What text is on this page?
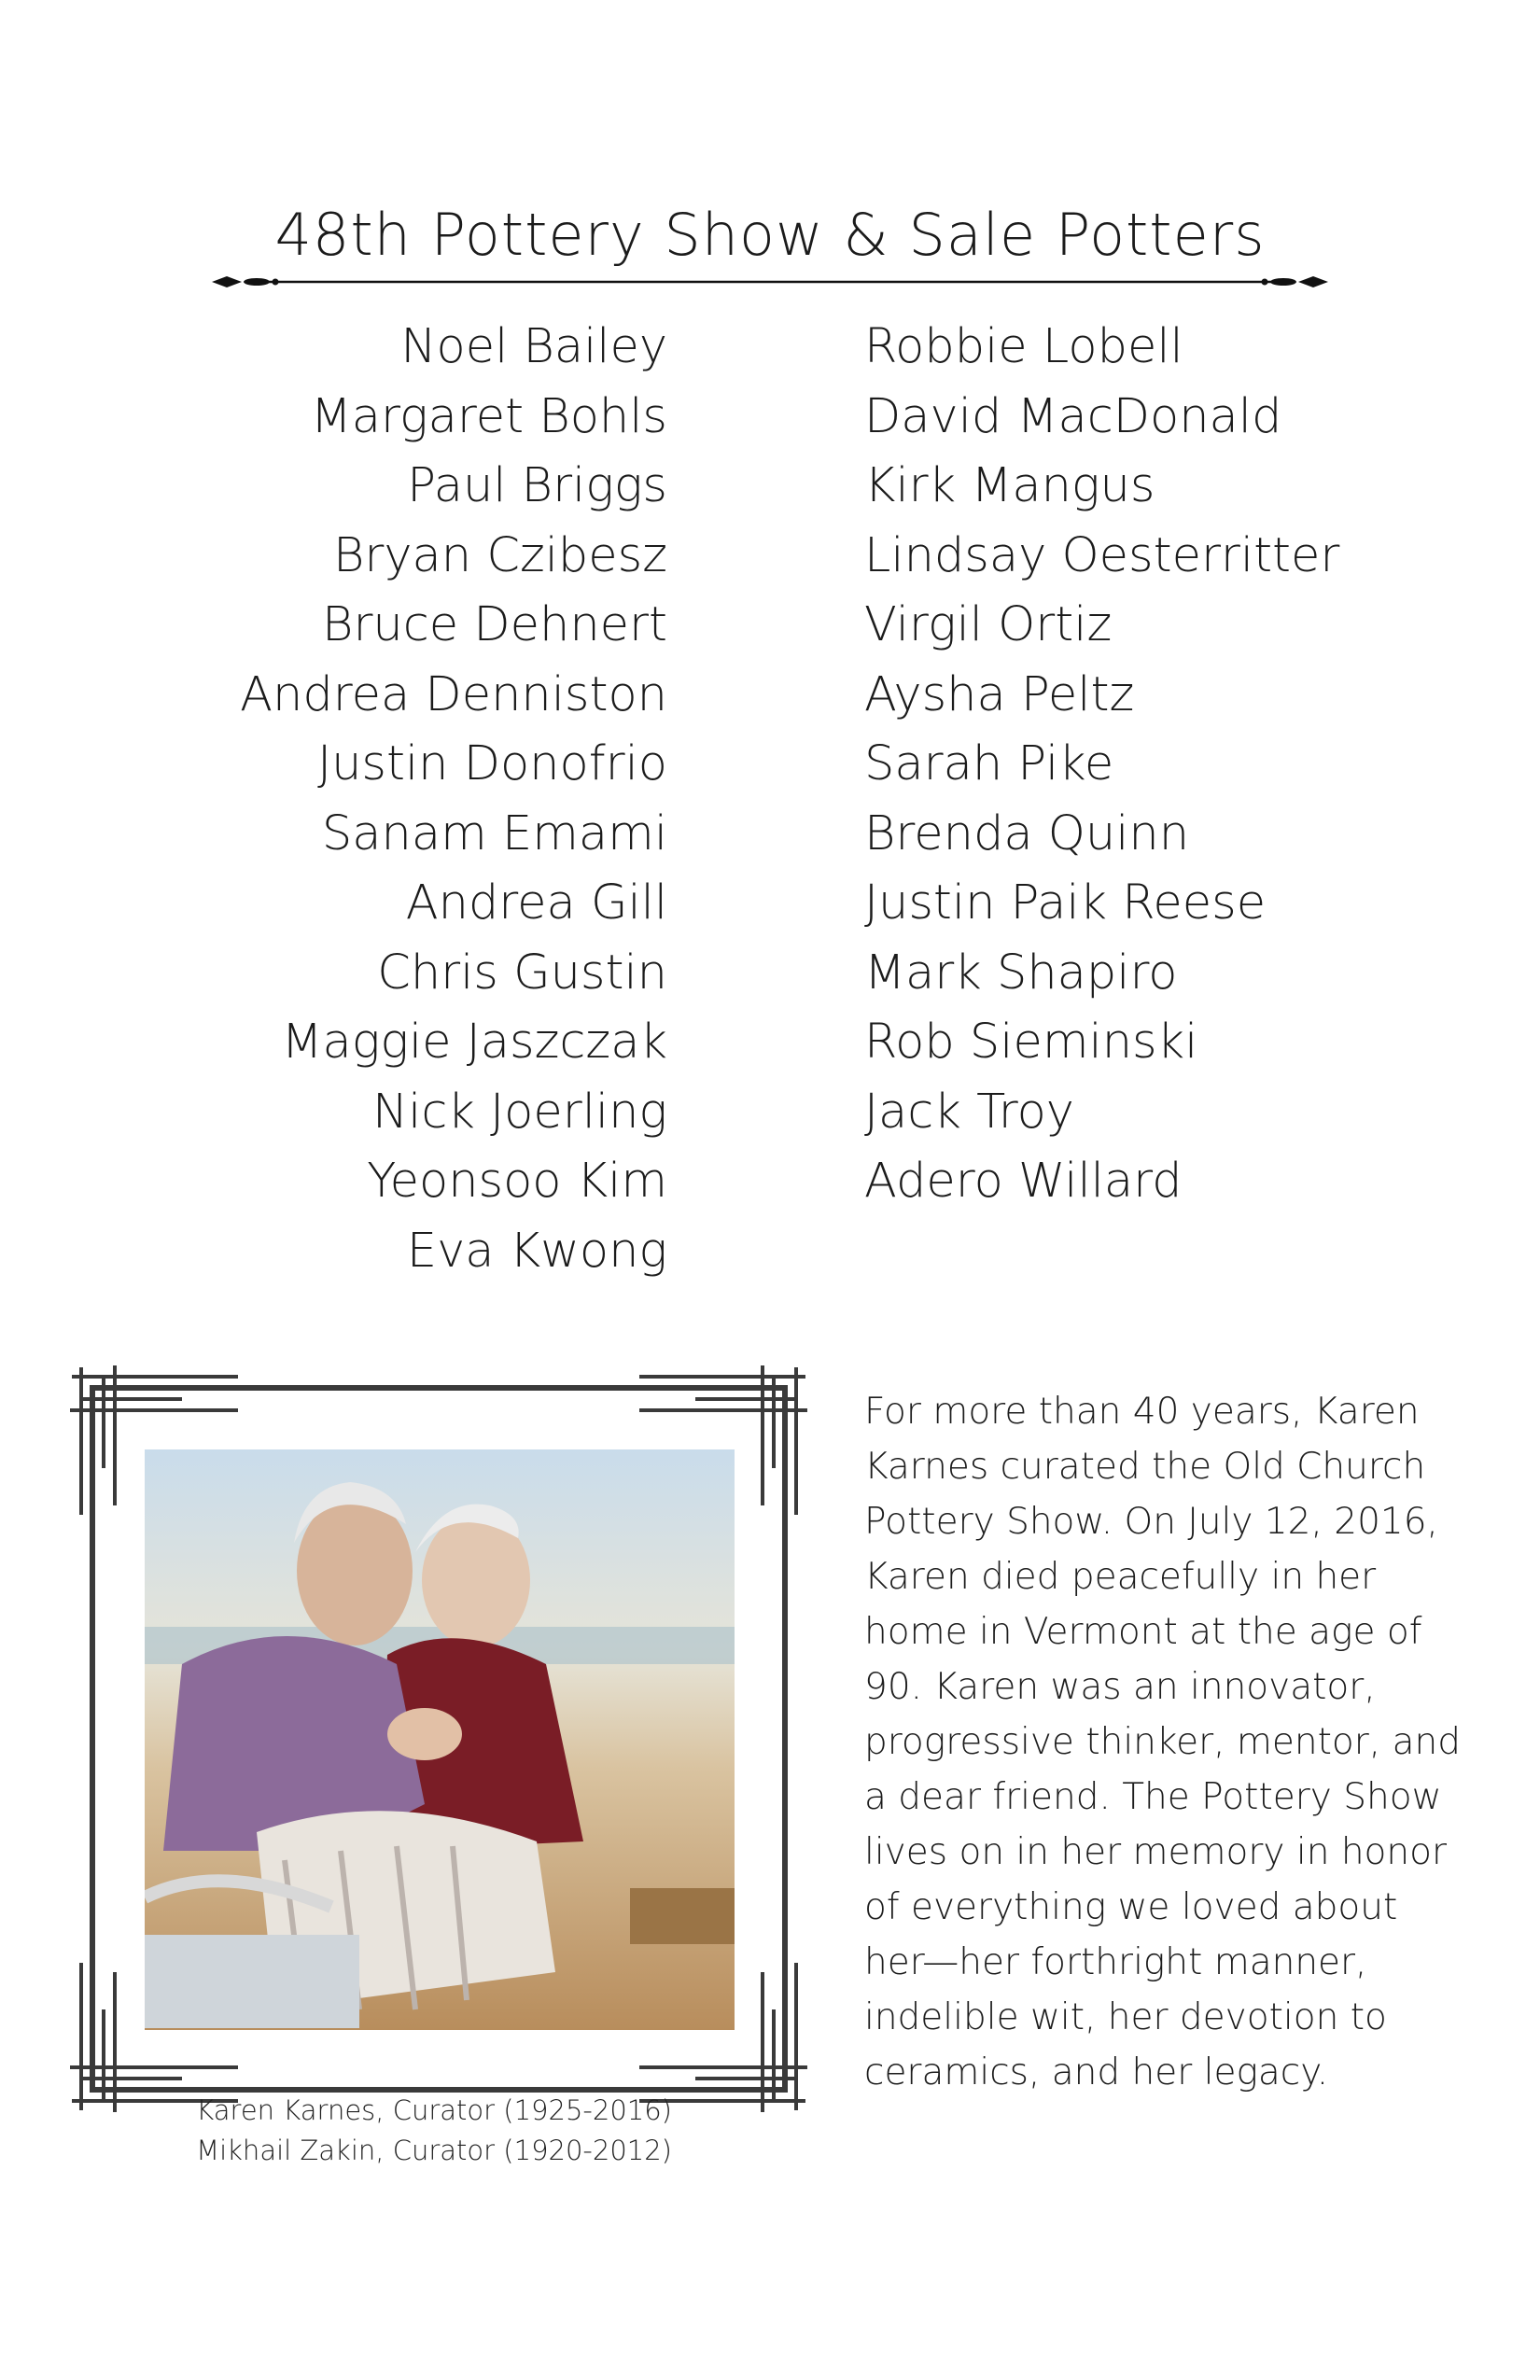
48th Pottery Show & Sale Potters
Noel Bailey
Margaret Bohls
Paul Briggs
Bryan Czibesz
Bruce Dehnert
Andrea Denniston
Justin Donofrio
Sanam Emami
Andrea Gill
Chris Gustin
Maggie Jaszczak
Nick Joerling
Yeonsoo Kim
Eva Kwong
Robbie Lobell
David MacDonald
Kirk Mangus
Lindsay Oesterritter
Virgil Ortiz
Aysha Peltz
Sarah Pike
Brenda Quinn
Justin Paik Reese
Mark Shapiro
Rob Sieminski
Jack Troy
Adero Willard
Karen Karnes, Curator (1925-2016)
Mikhail Zakin, Curator (1920-2012)

For more than 40 years, Karen Karnes curated the Old Church Pottery Show. On July 12, 2016, Karen died peacefully in her home in Vermont at the age of 90. Karen was an innovator, progressive thinker, mentor, and a dear friend. The Pottery Show lives on in her memory in honor of everything we loved about her—her forthright manner, indelible wit, her devotion to ceramics, and her legacy.
